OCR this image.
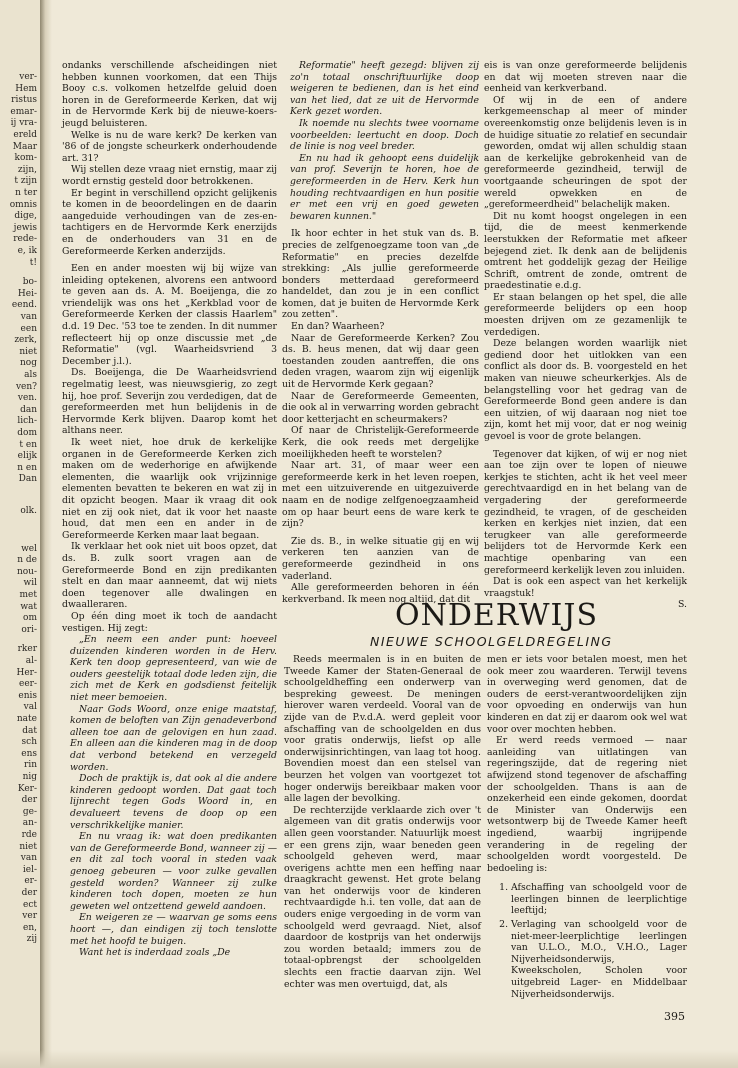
ver-
Hem
ristus
emar-
ij vra-
ereld
Maar
kom-
zijn,
t zijn
n ter
omnis
dige,
jewis
rede-
e, ik
t!
bo-
Hei-
eend.
van
een
zerk,
niet
nog
als
ven?
ven.
dan
lich-
dom
t en
elijk
n en
Dan
olk.
wel
n de
nou-
wil
met
wat
om
ori-
rker
al-
Her-
eer-
enis
val
nate
dat
sch
ens
rin
nig
Ker-
der
ge-
an-
rde
niet
van
iel-
er-
der
ect
ver
en,
zij

ondanks verschillende afscheidingen niet hebben kunnen voorkomen, dat een Thijs Booy c.s. volkomen hetzelfde geluid doen horen in de Gereformeerde Kerken, dat wij in de Hervormde Kerk bij de nieuwe-koers-jeugd beluisteren.

Welke is nu de ware kerk? De kerken van '86 of de jongste scheurkerk onderhoudende art. 31?

Wij stellen deze vraag niet ernstig, maar zij wordt ernstig gesteld door betrokkenen.

Er begint in verschillend opzicht gelijkenis te komen in de beoordelingen en de daarin aangeduide verhoudingen van de zes-en-tachtigers en de Hervormde Kerk enerzijds en de onderhouders van 31 en de Gereformeerde Kerken anderzijds.

Een en ander moesten wij bij wijze van inleiding optekenen, alvorens een antwoord te geven aan ds. A. M. Boeijenga, die zo vriendelijk was ons het „Kerkblad voor de Gereformeerde Kerken der classis Haarlem" d.d. 19 Dec. '53 toe te zenden. In dit nummer reflecteert hij op onze discussie met „de Reformatie" (vgl. Waarheidsvriend 3 December j.l.).

Ds. Boeijenga, die De Waarheidsvriend regelmatig leest, was nieuwsgierig, zo zegt hij, hoe prof. Severijn zou verdedigen, dat de gereformeerden met hun belijdenis in de Hervormde Kerk blijven. Daarop komt het althans neer.

Ik weet niet, hoe druk de kerkelijke organen in de Gereformeerde Kerken zich maken om de wederhorige en afwijkende elementen, die waarlijk ook vrijzinnige elementen bevatten te bekeren en wat zij in dit opzicht beogen. Maar ik vraag dit ook niet en zij ook niet, dat ik voor het naaste houd, dat men een en ander in de Gereformeerde Kerken maar laat begaan.

Ik verklaar het ook niet uit boos opzet, dat ds. B. zulk soort vragen aan de Gereformeerde Bond en zijn predikanten stelt en dan maar aanneemt, dat wij niets doen tegenover alle dwalingen en dwaalleraren.

Op één ding moet ik toch de aandacht vestigen. Hij zegt:

„En neem een ander punt: hoeveel duizenden kinderen worden in de Herv. Kerk ten doop gepresenteerd, van wie de ouders geestelijk totaal dode leden zijn, die zich met de Kerk en godsdienst feitelijk niet meer bemoeien.

Naar Gods Woord, onze enige maatstaf, komen de beloften van Zijn genadeverbond alleen toe aan de gelovigen en hun zaad. En alleen aan die kinderen mag in de doop dat verbond betekend en verzegeld worden.

Doch de praktijk is, dat ook al die andere kinderen gedoopt worden. Dat gaat toch lijnrecht tegen Gods Woord in, en devalueert tevens de doop op een verschrikkelijke manier.

En nu vraag ik: wat doen predikanten van de Gereformeerde Bond, wanneer zij — en dit zal toch vooral in steden vaak genoeg gebeuren — voor zulke gevallen gesteld worden? Wanneer zij zulke kinderen toch dopen, moeten ze hun geweten wel ontzettend geweld aandoen.

En weigeren ze — waarvan ge soms eens hoort —, dan eindigen zij toch tenslotte met het hoofd te buigen.

Want het is inderdaad zoals „De

Reformatie" heeft gezegd: blijven zij zo'n totaal onschriftuurlijke doop weigeren te bedienen, dan is het eind van het lied, dat ze uit de Hervormde Kerk gezet worden.

Ik noemde nu slechts twee voorname voorbeelden: leertucht en doop. Doch de linie is nog veel breder.

En nu had ik gehoopt eens duidelijk van prof. Severijn te horen, hoe de gereformeerden in de Herv. Kerk hun houding rechtvaardigen en hun positie er met een vrij en goed geweten bewaren kunnen."

Ik hoor echter in het stuk van ds. B. precies de zelfgenoegzame toon van „de Reformatie" en precies dezelfde strekking: „Als jullie gereformeerde bonders metterdaad gereformeerd handeldet, dan zou je in een conflict komen, dat je buiten de Hervormde Kerk zou zetten".

En dan? Waarheen?

Naar de Gereformeerde Kerken? Zou ds. B. heus menen, dat wij daar geen toestanden zouden aantreffen, die ons deden vragen, waarom zijn wij eigenlijk uit de Hervormde Kerk gegaan?

Naar de Gereformeerde Gemeenten, die ook al in verwarring worden gebracht door ketterjacht en scheurmakers?

Of naar de Christelijk-Gereformeerde Kerk, die ook reeds met dergelijke moeilijkheden heeft te worstelen?

Naar art. 31, of maar weer een gereformeerde kerk in het leven roepen, met een uitzuiverende en uitgezuiverde naam en de nodige zelfgenoegzaamheid om op haar beurt eens de ware kerk te zijn?

Zie ds. B., in welke situatie gij en wij verkeren ten aanzien van de gereformeerde gezindheid in ons vaderland.

Alle gereformeerden behoren in één kerkverband. Ik meen nog altijd, dat dit

eis is van onze gereformeerde belijdenis en dat wij moeten streven naar die eenheid van kerkverband.

Of wij in de een of andere kerkgemeenschap al meer of minder overeenkomstig onze belijdenis leven is in de huidige situatie zo relatief en secundair geworden, omdat wij allen schuldig staan aan de kerkelijke gebrokenheid van de gereformeerde gezindheid, terwijl de voortgaande scheuringen de spot der wereld opwekken en de „gereformeerdheid" belachelijk maken.

Dit nu komt hoogst ongelegen in een tijd, die de meest kenmerkende leerstukken der Reformatie met afkeer bejegend ziet. Ik denk aan de belijdenis omtrent het goddelijk gezag der Heilige Schrift, omtrent de zonde, omtrent de praedestinatie e.d.g.

Er staan belangen op het spel, die alle gereformeerde belijders op een hoop moesten drijven om ze gezamenlijk te verdedigen.

Deze belangen worden waarlijk niet gediend door het uitlokken van een conflict als door ds. B. voorgesteld en het maken van nieuwe scheurkerkjes. Als de belangstelling voor het gedrag van de Gereformeerde Bond geen andere is dan een uitzien, of wij daaraan nog niet toe zijn, komt het mij voor, dat er nog weinig gevoel is voor de grote belangen.

Tegenover dat kijken, of wij er nog niet aan toe zijn over te lopen of nieuwe kerkjes te stichten, acht ik het veel meer gerechtvaardigd en in het belang van de vergadering der gereformeerde gezindheid, te vragen, of de gescheiden kerken en kerkjes niet inzien, dat een terugkeer van alle gereformeerde belijders tot de Hervormde Kerk een machtige openbaring van een gereformeerd kerkelijk leven zou inluiden.

Dat is ook een aspect van het kerkelijk vraagstuk!

S.

ONDERWIJS
NIEUWE SCHOOLGELDREGELING

Reeds meermalen is in en buiten de Tweede Kamer der Staten-Generaal de schoolgeldheffing een onderwerp van bespreking geweest. De meningen hierover waren verdeeld. Vooral van de zijde van de P.v.d.A. werd gepleit voor afschaffing van de schoolgelden en dus voor gratis onderwijs, liefst op alle onderwijsinrichtingen, van laag tot hoog. Bovendien moest dan een stelsel van beurzen het volgen van voortgezet tot hoger onderwijs bereikbaar maken voor alle lagen der bevolking.

De rechterzijde verklaarde zich over 't algemeen van dit gratis onderwijs voor allen geen voorstander. Natuurlijk moest er een grens zijn, waar beneden geen schoolgeld geheven werd, maar overigens achtte men een heffing naar draagkracht gewenst. Het grote belang van het onderwijs voor de kinderen rechtvaardigde h.i. ten volle, dat aan de ouders enige vergoeding in de vorm van schoolgeld werd gevraagd. Niet, alsof daardoor de kostprijs van het onderwijs zou worden betaald; immers zou de totaal-opbrengst der schoolgelden slechts een fractie daarvan zijn. Wel echter was men overtuigd, dat, als

men er iets voor betalen moest, men het ook meer zou waarderen. Terwijl tevens in overweging werd genomen, dat de ouders de eerst-verantwoordelijken zijn voor opvoeding en onderwijs van hun kinderen en dat zij er daarom ook wel wat voor over mochten hebben.

Er werd reeds vermoed — naar aanleiding van uitlatingen van regeringszijde, dat de regering niet afwijzend stond tegenover de afschaffing der schoolgelden. Thans is aan de onzekerheid een einde gekomen, doordat de Minister van Onderwijs een wetsontwerp bij de Tweede Kamer heeft ingediend, waarbij ingrijpende verandering in de regeling der schoolgelden wordt voorgesteld. De bedoeling is:

1. Afschaffing van schoolgeld voor de leerlingen binnen de leerplichtige leeftijd;
2. Verlaging van schoolgeld voor de niet-meer-leerplichtige leerlingen van U.L.O., M.O., V.H.O., Lager Nijverheidsonderwijs, Kweekscholen, Scholen voor uitgebreid Lager- en Middelbaar Nijverheidsonderwijs.
395
